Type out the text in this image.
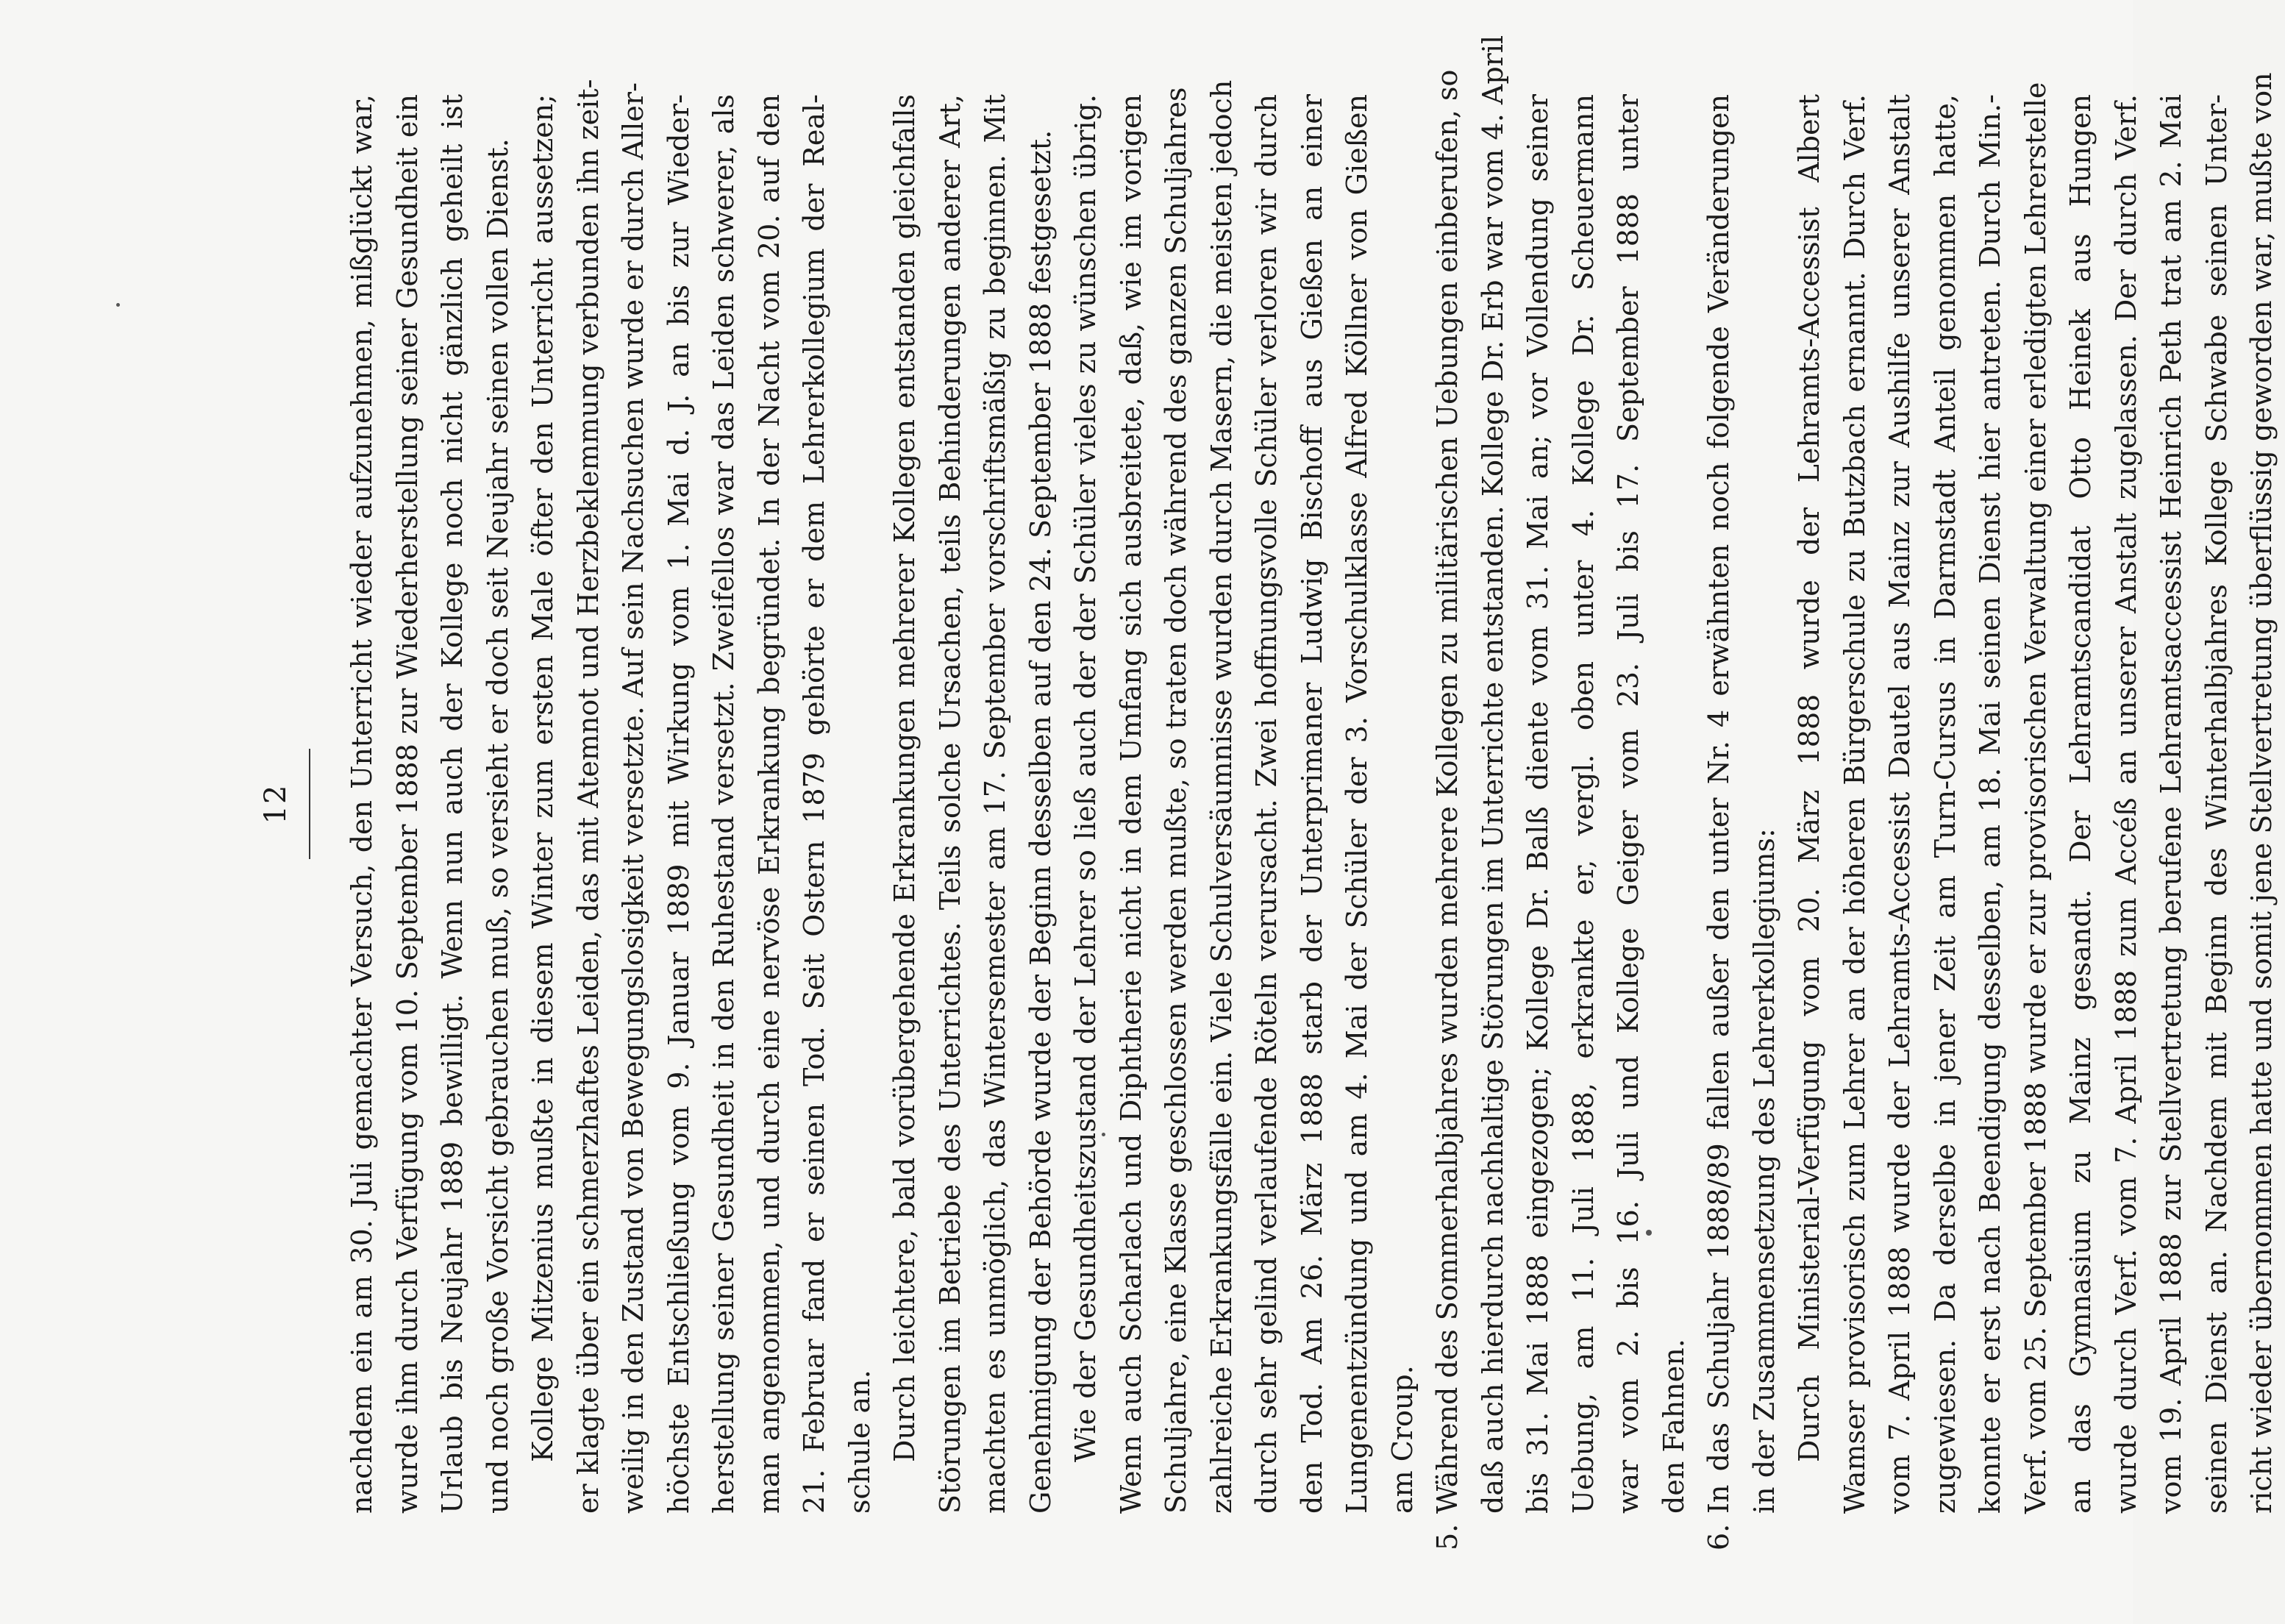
12	nachdem ein am 30. Juli gemachter Versuch, den Unterricht wieder aufzunehmen, mißglückt war, wurde ihm durch Verfügung vom 10. September 1888 zur Wiederherstellung seiner Gesundheit ein Urlaub bis Neujahr 1889 bewilligt. Wenn nun auch der Kollege noch nicht gänzlich geheilt ist und noch große Vorsicht gebrauchen muß, so versieht er doch seit Neujahr seinen vollen Dienst. Kollege Mitzenius mußte in diesem Winter zum ersten Male öfter den Unterricht aussetzen; er klagte über ein schmerzhaftes Leiden, das mit Atemnot und Herzbeklemmung verbunden ihn zeit- weilig in den Zustand von Bewegungslosigkeit versetzte. Auf sein Nachsuchen wurde er durch Aller- höchste Entschließung vom 9. Januar 1889 mit Wirkung vom 1. Mai d. J. an bis zur Wieder- herstellung seiner Gesundheit in den Ruhestand versetzt. Zweifellos war das Leiden schwerer, als man angenommen, und durch eine nervöse Erkrankung begründet. In der Nacht vom 20. auf den 21. Februar fand er seinen Tod. Seit Ostern 1879 gehörte er dem Lehrerkollegium der Real- schule an. Durch leichtere, bald vorübergehende Erkrankungen mehrerer Kollegen entstanden gleichfalls Störungen im Betriebe des Unterrichtes. Teils solche Ursachen, teils Behinderungen anderer Art, machten es unmöglich, das Wintersemester am 17. September vorschriftsmäßig zu beginnen. Mit Genehmigung der Behörde wurde der Beginn desselben auf den 24. September 1888 festgesetzt. Wie der Gesundheitszustand der Lehrer so ließ auch der der Schüler vieles zu wünschen übrig. Wenn auch Scharlach und Diphtherie nicht in dem Umfang sich ausbreitete, daß, wie im vorigen Schuljahre, eine Klasse geschlossen werden mußte, so traten doch während des ganzen Schuljahres zahlreiche Erkrankungsfälle ein. Viele Schulversäumnisse wurden durch Masern, die meisten jedoch durch sehr gelind verlaufende Röteln verursacht. Zwei hoffnungsvolle Schüler verloren wir durch den Tod. Am 26. März 1888 starb der Unterprimaner Ludwig Bischoff aus Gießen an einer Lungenentzündung und am 4. Mai der Schüler der 3. Vorschulklasse Alfred Köllner von Gießen am Croup.
5.
Während des Sommerhalbjahres wurden mehrere Kollegen zu militärischen Uebungen einberufen, so daß auch hierdurch nachhaltige Störungen im Unterrichte entstanden. Kollege Dr. Erb war vom 4. April bis 31. Mai 1888 eingezogen; Kollege Dr. Balß diente vom 31. Mai an; vor Vollendung seiner Uebung, am 11. Juli 1888, erkrankte er, vergl. oben unter 4. Kollege Dr. Scheuermann war vom 2. bis 16. Juli und Kollege Geiger vom 23. Juli bis 17. September 1888 unter den Fahnen.
6.
In das Schuljahr 1888/89 fallen außer den unter Nr. 4 erwähnten noch folgende Veränderungen in der Zusammensetzung des Lehrerkollegiums: Durch Ministerial-Verfügung vom 20. März 1888 wurde der Lehramts-Accessist Albert Wamser provisorisch zum Lehrer an der höheren Bürgerschule zu Butzbach ernannt. Durch Verf. vom 7. April 1888 wurde der Lehramts-Accessist Dautel aus Mainz zur Aushilfe unserer Anstalt zugewiesen. Da derselbe in jener Zeit am Turn-Cursus in Darmstadt Anteil genommen hatte, konnte er erst nach Beendigung desselben, am 18. Mai seinen Dienst hier antreten. Durch Min.- Verf. vom 25. September 1888 wurde er zur provisorischen Verwaltung einer erledigten Lehrerstelle an das Gymnasium zu Mainz gesandt. Der Lehramtscandidat Otto Heinek aus Hungen wurde durch Verf. vom 7. April 1888 zum Accéß an unserer Anstalt zugelassen. Der durch Verf. vom 19. April 1888 zur Stellvertretung berufene Lehramtsaccessist Heinrich Peth trat am 2. Mai seinen Dienst an. Nachdem mit Beginn des Winterhalbjahres Kollege Schwabe seinen Unter- richt wieder übernommen hatte und somit jene Stellvertretung überflüssig geworden war, mußte von
